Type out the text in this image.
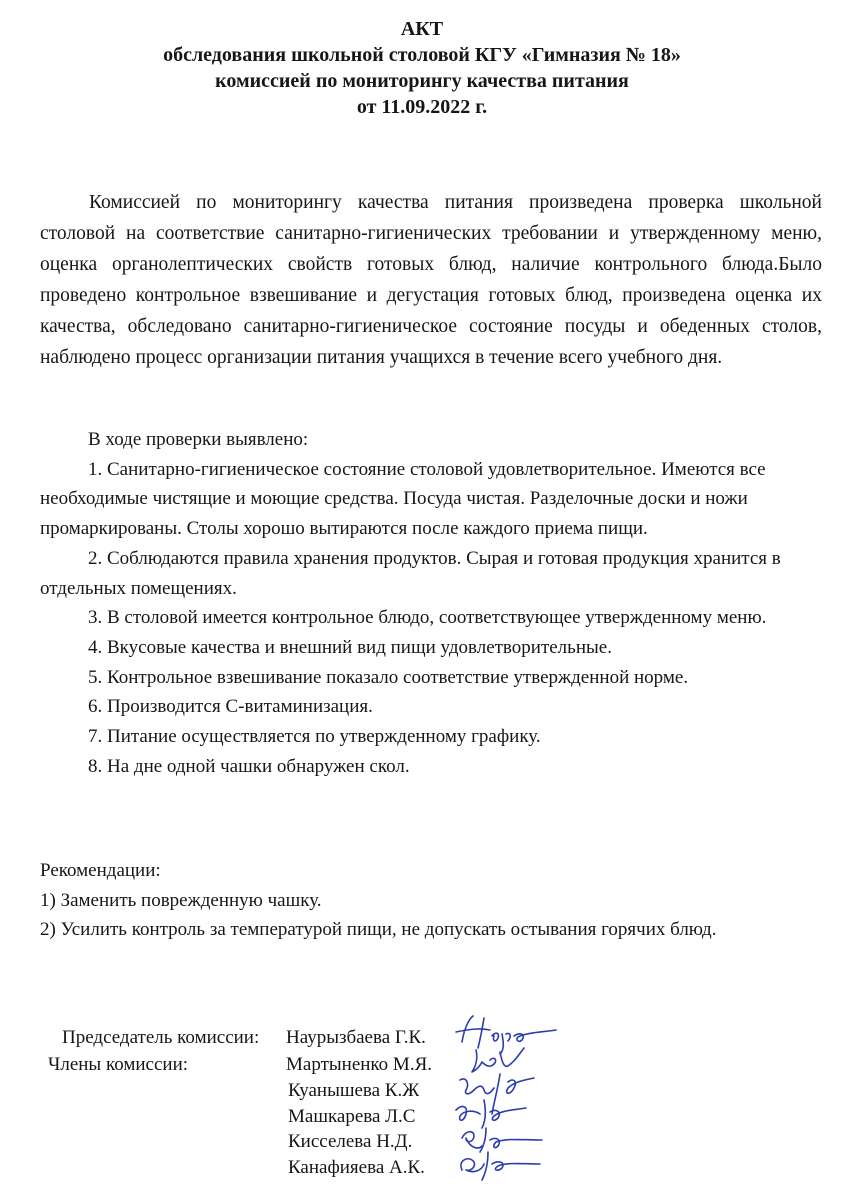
АКТ
обследования школьной столовой КГУ «Гимназия № 18»
комиссией по мониторингу качества питания
от 11.09.2022 г.

Комиссией по мониторингу качества питания произведена проверка школьной столовой на соответствие санитарно-гигиенических требовании и утвержденному меню, оценка органолептических свойств готовых блюд, наличие контрольного блюда.Было проведено контрольное взвешивание и дегустация готовых блюд, произведена оценка их качества, обследовано санитарно-гигиеническое состояние посуды и обеденных столов, наблюдено процесс организации питания учащихся в течение всего учебного дня.

В ходе проверки выявлено:

1. Санитарно-гигиеническое состояние столовой удовлетворительное. Имеются все необходимые чистящие и моющие средства. Посуда чистая. Разделочные доски и ножи промаркированы. Столы хорошо вытираются после каждого приема пищи.

2. Соблюдаются правила хранения продуктов. Сырая и готовая продукция хранится в отдельных помещениях.

3. В столовой имеется контрольное блюдо, соответствующее утвержденному меню.

4. Вкусовые качества и внешний вид пищи удовлетворительные.

5. Контрольное взвешивание показало соответствие утвержденной норме.

6. Производится С-витаминизация.

7. Питание осуществляется по утвержденному графику.

8. На дне одной чашки обнаружен скол.

Рекомендации:

1) Заменить поврежденную чашку.

2) Усилить контроль за температурой пищи, не допускать остывания горячих блюд.

Председатель комиссии:
Члены комиссии:
Наурызбаева Г.К.
Мартыненко М.Я.
Куанышева К.Ж
Машкарева Л.С
Кисселева Н.Д.
Канафияева А.К.
